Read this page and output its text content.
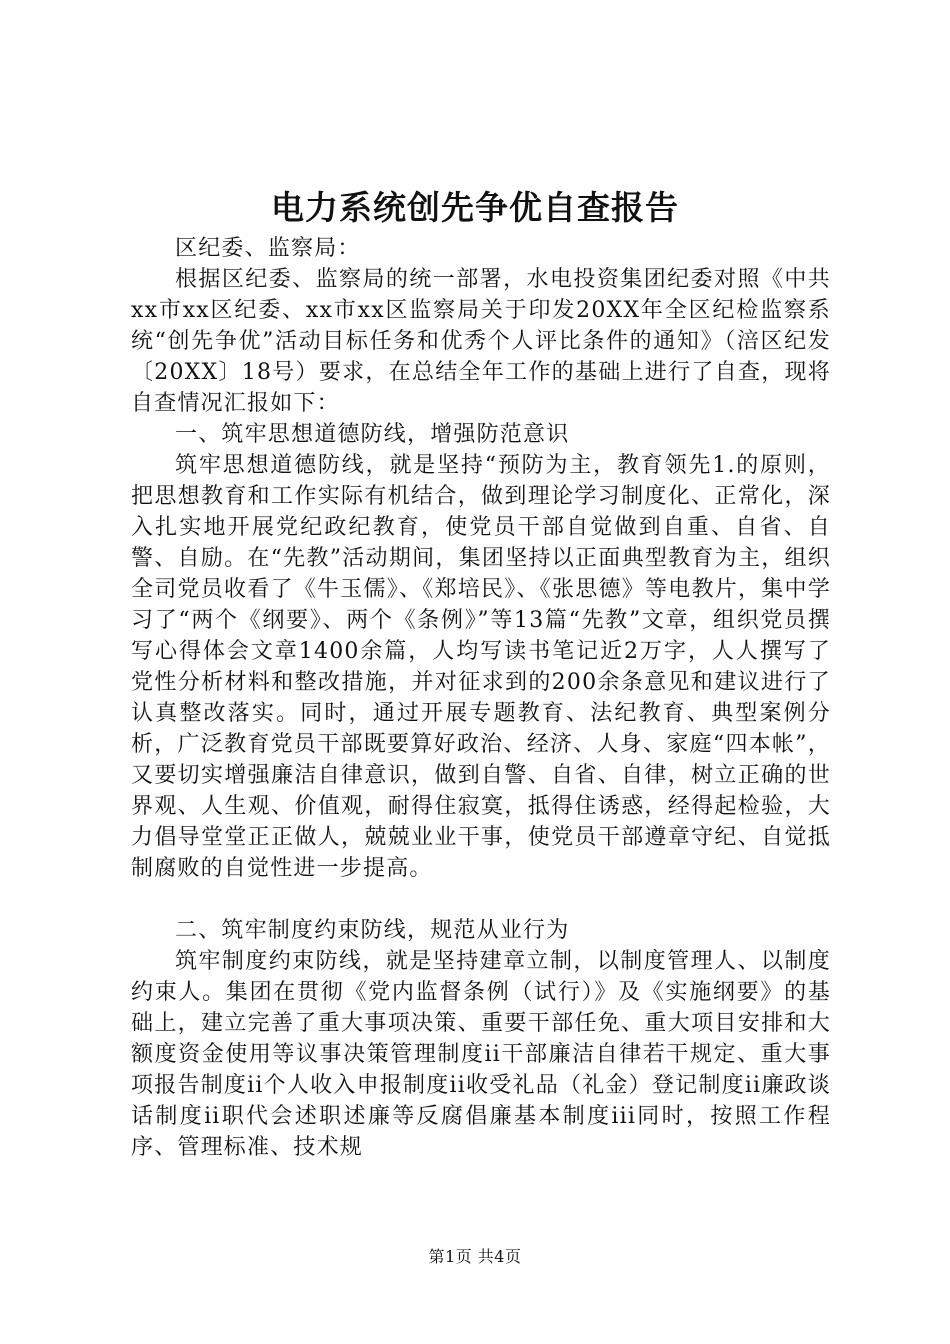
电力系统创先争优自查报告

区纪委、监察局：

根据区纪委、监察局的统一部署，水电投资集团纪委对照《中共xx市xx区纪委、xx市xx区监察局关于印发20XX年全区纪检监察系统“创先争优”活动目标任务和优秀个人评比条件的通知》（涪区纪发〔20XX〕18号）要求，在总结全年工作的基础上进行了自查，现将自查情况汇报如下：

一、筑牢思想道德防线，增强防范意识

筑牢思想道德防线，就是坚持“预防为主，教育领先1.的原则，把思想教育和工作实际有机结合，做到理论学习制度化、正常化，深入扎实地开展党纪政纪教育，使党员干部自觉做到自重、自省、自警、自励。在“先教”活动期间，集团坚持以正面典型教育为主，组织全司党员收看了《牛玉儒》、《郑培民》、《张思德》等电教片，集中学习了“两个《纲要》、两个《条例》”等13篇“先教”文章，组织党员撰写心得体会文章1400余篇，人均写读书笔记近2万字，人人撰写了党性分析材料和整改措施，并对征求到的200余条意见和建议进行了认真整改落实。同时，通过开展专题教育、法纪教育、典型案例分析，广泛教育党员干部既要算好政治、经济、人身、家庭“四本帐”，又要切实增强廉洁自律意识，做到自警、自省、自律，树立正确的世界观、人生观、价值观，耐得住寂寞，抵得住诱惑，经得起检验，大力倡导堂堂正正做人，兢兢业业干事，使党员干部遵章守纪、自觉抵制腐败的自觉性进一步提高。

二、筑牢制度约束防线，规范从业行为

筑牢制度约束防线，就是坚持建章立制，以制度管理人、以制度约束人。集团在贯彻《党内监督条例（试行）》及《实施纲要》的基础上，建立完善了重大事项决策、重要干部任免、重大项目安排和大额度资金使用等议事决策管理制度ii干部廉洁自律若干规定、重大事项报告制度ii个人收入申报制度ii收受礼品（礼金）登记制度ii廉政谈话制度ii职代会述职述廉等反腐倡廉基本制度iii同时，按照工作程序、管理标准、技术规

第1页 共4页
